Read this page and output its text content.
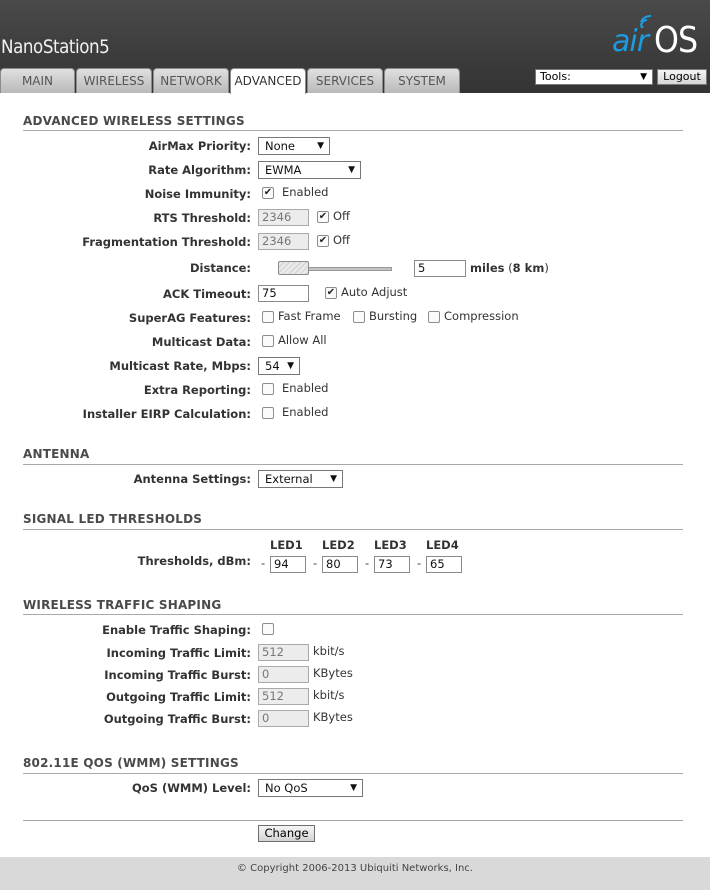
NanoStation5	air OS
MAIN	WIRELESS	NETWORK	ADVANCED	SERVICES	SYSTEM	Tools:	▼	Logout
ADVANCED WIRELESS SETTINGS
AirMax Priority:	None ▼
Rate Algorithm:	EWMA	▼
Noise Immunity: ✔ Enabled
RTS Threshold: 2346	✔ Off
Fragmentation Threshold: 2346	✔ Off
Distance:	5	miles (8 km)
ACK Timeout: 75	✔ Auto Adjust
SuperAG Features: Fast Frame Bursting Compression
Multicast Data: Allow All
Multicast Rate, Mbps:	54 ▼
Extra Reporting:	Enabled
Installer EIRP Calculation:	Enabled
ANTENNA
Antenna Settings:	External ▼
SIGNAL LED THRESHOLDS
LED1 LED2 LED3 LED4
Thresholds, dBm: - 94	- 80	- 73	- 65
WIRELESS TRAFFIC SHAPING
Enable Traffic Shaping:
Incoming Traffic Limit: 512	kbit/s
Incoming Traffic Burst: 0	KBytes
Outgoing Traffic Limit: 512	kbit/s
Outgoing Traffic Burst: 0	KBytes
802.11E QOS (WMM) SETTINGS
QoS (WMM) Level:	No QoS	▼
Change
© Copyright 2006-2013 Ubiquiti Networks, Inc.
